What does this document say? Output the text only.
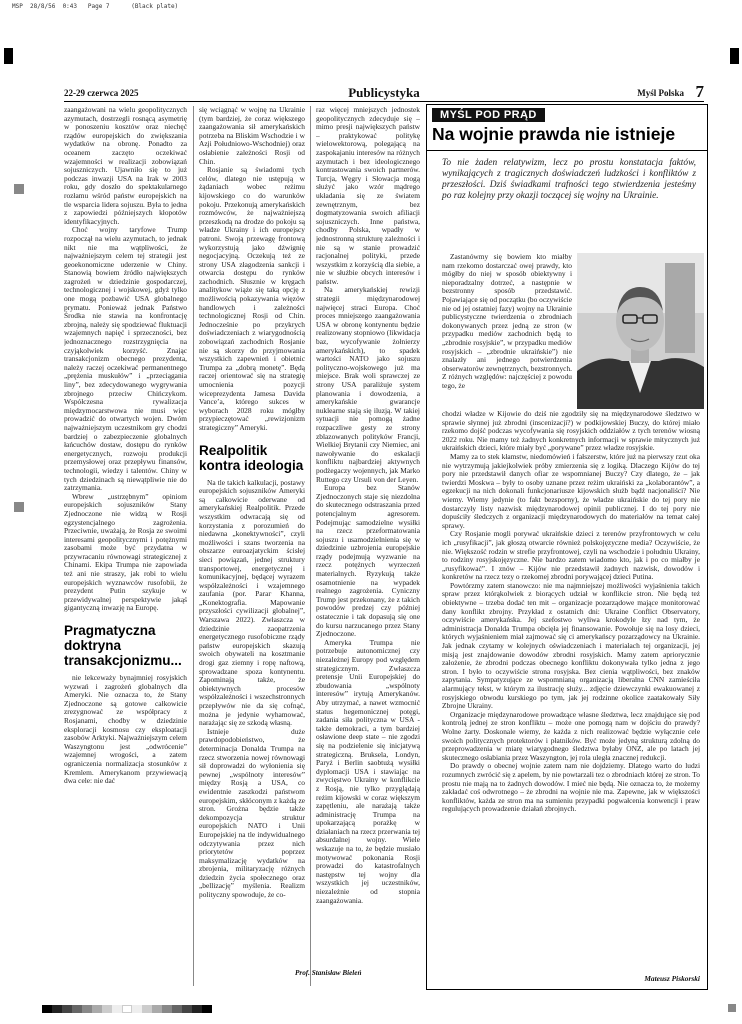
MSP  28/8/56  0:43   Page 7      (Black plate)
22-29 czerwca 2025	Publicystyka	Myśl Polska 7

zaangażowani na wielu geopolitycznych azymutach, dostrzegli rosnącą asymetrię w ponoszeniu kosztów oraz niechęć rządów europejskich do zwiększania wydatków na obronę. Ponadto za oceanem zaczęto oczekiwać wzajemności w realizacji zobowiązań sojuszniczych. Ujawniło się to już podczas inwazji USA na Irak w 2003 roku, gdy doszło do spektakularnego rozłamu wśród państw europejskich na tle wsparcia lidera sojuszu. Była to jedna z zapowiedzi późniejszych kłopotów identyfikacyjnych.

Choć wojny taryfowe Trump rozpoczął na wielu azymutach, to jednak nikt nie ma wątpliwości, że najważniejszym celem tej strategii jest geoekonomiczne uderzenie w Chiny. Stanowią bowiem źródło największych zagrożeń w dziedzinie gospodarczej, technologicznej i wojskowej, gdyż tylko one mogą pozbawić USA globalnego prymatu. Ponieważ jednak Państwo Środka nie stawia na konfrontację zbrojną, należy się spodziewać fluktuacji wzajemnych napięć i sprzeczności, bez jednoznacznego rozstrzygnięcia na czyjąkolwiek korzyść. Znając transakcjonizm obecnego prezydenta, należy raczej oczekiwać permanentnego „prężenia muskułów” i „przeciągania liny”, bez zdecydowanego wygrywania zbrojnego przeciw Chińczykom. Współczesna rywalizacja międzymocarstwowa nie musi więc prowadzić do otwartych wojen. Dwóm najważniejszym uczestnikom gry chodzi bardziej o zabezpieczenie globalnych łańcuchów dostaw, dostępu do rynków energetycznych, rozwoju produkcji przemysłowej oraz przepływu finansów, technologii, wiedzy i talentów. Chiny w tych dziedzinach są niewątpliwie nie do zatrzymania.

Wbrew „ustrzębnym” opiniom europejskich sojuszników Stany Zjednoczone nie widzą w Rosji egzystencjalnego zagrożenia. Przeciwnie, uważają, że Rosja ze swoimi interesami geopolitycznymi i potężnymi zasobami może być przydatna w przywracaniu równowagi strategicznej z Chinami. Ekipa Trumpa nie zapowiada też ani nie straszy, jak robi to wielu europejskich wyznawców rusofobii, że prezydent Putin szykuje w przewidywalnej perspektywie jakąś gigantyczną inwazję na Europę.

Pragmatyczna doktryna transakcjonizmu...

nie lekceważy bynajmniej rosyjskich wyzwań i zagrożeń globalnych dla Ameryki. Nie oznacza to, że Stany Zjednoczone są gotowe całkowicie zrezygnować ze współpracy z Rosjanami, chodby w dziedzinie eksploracji kosmosu czy eksploatacji zasobów Arktyki. Najważniejszym celem Waszyngtonu jest „odwrócenie” wzajemnej wrogości, a zatem ograniczenia normalizacja stosunków z Kremlem. Amerykanom przywiewacją dwa cele: nie dać

się wciągnąć w wojnę na Ukrainie (tym bardziej, że coraz większego zaangażowania sił amerykańskich potrzeba na Bliskim Wschodzie i w Azji Południowo-Wschodniej) oraz osłabienie zależności Rosji od Chin.

Rosjanie są świadomi tych celów, dlatego nie ustępują w żądaniach wobec reżimu kijowskiego co do warunków pokoju. Przekonują amerykańskich rozmówców, że najważniejszą przeszkodą na drodze do pokoju są władze Ukrainy i ich europejscy patroni. Swoją przewagę frontową wykorzystują jako dźwignię negocjacyjną. Oczekują też ze strony USA złagodzenia sankcji i otwarcia dostępu do rynków zachodnich. Słusznie w kręgach analitykow wiąże się taką opcję z możliwością pokazywania więzów handlowych i zależności technologicznej Rosji od Chin. Jednocześnie po przykrych doświadczeniach z wiarygodnością zobowiązań zachodnich Rosjanie nie są skorzy do przyjmowania wszystkich zapewnień i obietnic Trumpa za „dobrą monetę”. Będą raczej orientować się na strategię umocnienia pozycji wiceprezydenta Jamesa Davida Vance’a, którego sukces w wyborach 2028 roku mógłby przypieczętować „rewizjonizm strategiczny” Ameryki.

Realpolitik kontra ideologia

Na tle takich kalkulacji, postawy europejskich sojuszników Ameryki są całkowicie oderwane od amerykańskiej Realpolitik. Przede wszystkim odwracają się od korzystania z porozumień do niedawna „konektywności”, czyli możliwości i szans tworzenia na obszarze euroazjatyckim ścisłej sieci powiązań, jednej struktury transportowej, energetycznej i komunikacyjnej, będącej wyrazem współzależności i wzajemnego zaufania (por. Paraг Khanna, „Konektografia. Mapowanie przyszłości cywilizacji globalnej”, Warszawa 2022). Zwłaszcza w dziedzinie zaopatrzenia energetycznego rusofobiczne rządy państw europejskich skazują swoich obywateli na kosztmanie drogi gaz ziemny i ropę naftową, sprowadzane spoza kontynentu. Zapominają także, że obiektywnych procesów współzależności i wszechstronnych przepływów nie da się cofnąć, można je jedynie wyhamować, narażając się ze szkodą własną.

Istnieje duże prawdopodobieństwo, że determinacja Donalda Trumpa na rzecz stworzenia nowej równowagi sił doprowadzi do wyłonienia się pewnej „wspólnoty interesów” między Rosją a USA, co ewidentnie zaszkodzi państwom europejskim, skłóconym z każdą ze stron. Grożna będzie także dekompozycja struktur europejskich NATO i Unii Europejskiej na tle indywidualnego odczytywania przez nich priorytetów poprzez maksymalizację wydatków na zbrojenia, militaryzację różnych dziedzin życia społecznego oraz „bellizację” myślenia. Realizm polityczny spowoduje, że co-

raz więcej mniejszych jednostek geopolitycznych zdecyduje się – mimo presji największych państw – praktykować politykę wielowektorową, polegającą na zaspokajaniu interesów na różnych azymutach i bez ideologicznego kontrastowania swoich partnerów. Turcja, Węgry i Słowacja mogą służyć jako wzór mądrego układania się ze światem zewnętrznym, bez dogmatyzowania swoich afiliacji sojuszniczych. Inne państwa, chodby Polska, wpadły w jednostronną strukturę zależności i nie są w stanie prowadzić racjonalnej polityki, przede wszystkim z korzyścią dla siebie, a nie w służbie obcych interesów i państw.

Na amerykańskiej rewizji strategii międzynarodowej najwięcej straci Europa. Choć proces mniejszego zaangażowania USA w obronę kontynentu będzie realizowany stopniowo (likwidacja baz, wycofywanie żołnierzy amerykańskich), to spadek wartości NATO jako sojuszu polityczno-wojskowego już ma miejsce. Brak woli sprawczej ze strony USA paraliżuje system planowania i dowodzenia, a amerykańskie gwarancje nuklearne stają się iluzją. W takiej sytuacji nie pomogą żadne rozpaczliwe gesty ze strony zblazowanych polityków Francji, Wielkiej Brytanii czy Niemiec, ani nawoływanie do eskalacji konfliktu najbardziej aktywnych podżegaczy wojennych, jak Marko Ruttego czy Ursuli von der Leyen.

Europa bez Stanów Zjednoczonych staje się niezdolna do skutecznego odstraszania przed potencjalnym agresorem. Podejmując samodzielne wysiłki na rzecz przeformatowania sojuszu i usamodzielnienia się w dziedzinie uzbrojenia europejskie rządy podejmują wyzwanie na rzecz potężnych wyrzeczeń materialnych. Ryzykują także osamotnienie na wypadek realnego zagrożenia. Cyniczny Trump jest przekonany, że z takich powodów predzej czy później ostatecznie i tak dopasują się one do kursu narzucanego przez Stany Zjednoczone.

Ameryka Trumpa nie potrzebuje autonomicznej czy niezależnej Europy pod względem strategicznym. Zwłaszcza pretensje Unii Europejskiej do zbudowania „wspólnoty interesów” irytują Amerykanów. Aby utrzymać, a nawet wzmocnić status hegemonicznej potęgi, zadania siła polityczna w USA - także demokraci, a tym bardziej osławione deep state – nie zgodzi się na podzielenie się inicjatywą strategiczną. Bruksela, Londyn, Paryż i Berlin saobtużą wysiłki dyplomacji USA i stawiając na zwycięstwo Ukrainy w konflikcie z Rosją, nie tylko przyglądają reżim kijowski w coraz większym zapętleniu, ale narażają także administrację Trumpa na upokarzającą porażkę w działaniach na rzecz przerwania tej absurdalnej wojny. Wiele wskazuje na to, że będzie musiało motywować pokonania Rosji prowadzi do katastrofalnych następstw tej wojny dla wszystkich jej uczestników, niezależnie od stopnia zaangażowania.

Prof. Stanisław Bieleń
MYŚL POD PRĄD
Na wojnie prawda nie istnieje
To nie żaden relatywizm, lecz po prostu konstatacja faktów, wynikających z tragicznych doświadczeń ludzkości i konfliktów z przeszłości. Dziś świadkami trafności tego stwierdzenia jesteśmy po raz kolejny przy okazji toczącej się wojny na Ukrainie.

Zastanówmy się bowiem kto miałby nam rzekomo dostarczać owej prawdy, kto mógłby do niej w sposób obiektywny i nieporadzalny dotrzeć, a następnie w bezstronny sposób przedstawić. Pojawiające się od początku (bo oczywiście nie od jej ostatniej fazy) wojny na Ukrainie publicystyczne twierdzenia o zbrodniach dokonywanych przez jedną ze stron (w przypadku mediów zachodnich będą to „zbrodnie rosyjskie”, w przypadku mediów rosyjskich – „zbrodnie ukraińskie”) nie znalazły ani jednego potwierdzenia obserwatorów zewnętrznych, bezstronnych. Z różnych względów: najczęściej z powodu tego, że

chodzi władze w Kijowie do dziś nie zgodziły się na międzynarodowe śledztwo w sprawie słynnej już zbrodni (inscenizacji?) w podkijowskiej Buczy, do której miało rzekomo dojść podczas wycofywania się rosyjskich oddziałów z tych terenów wiosną 2022 roku. Nie mamy też żadnych konkretnych informacji w sprawie mitycznych już ukraińskich dzieci, które miały być „porywane” przez władze rosyjskie.

Mamy za to stek kłamstw, niedomówień i fałszerstw, które już na pierwszy rzut oka nie wytrzymują jakiejkolwiek próby zmierzenia się z logiką. Dlaczego Kijów do tej pory nie przedstawił danych ofiar ze wspomnianej Buczy? Czy dlatego, że – jak twierdzi Moskwa – były to osoby uznane przez reżim ukraiński za „kolaborantów”, a egzekucji na nich dokonali funkcjonariusze kijowskich służb bądź nacjonaliści? Nie wiemy. Wiemy jedynie (to fakt bezsporny), że władze ukraińskie do tej pory nie dostarczyły listy nazwisk międzynarodowej opinii publicznej. I do tej pory nie dopuściły śledczych z organizacji międzynarodowych do materiałów na temat całej sprawy.

Czy Rosjanie mogli porywać ukraińskie dzieci z terenów przyfrontowych w celu ich „rusyfikacji”, jak głoszą otwarcie również polskojęzyczne media? Oczywiście, że nie. Większość rodzin w strefie przyfrontowej, czyli na wschodzie i południu Ukrainy, to rodziny rosyjskojęzyczne. Nie bardzo zatem wiadomo kto, jak i po co miałby je „rusyfikować”. I znów – Kijów nie przedstawił żadnych nazwisk, dowodów i konkretów na rzecz tezy o rzekomej zbrodni porywającej dzieci Putina.

Powtórzmy zatem stanowczo: nie ma najmniejszej możliwości wyjaśnienia takich spraw przez którąkolwiek z biorących udział w konflikcie stron. Nie będą też obiektywne – trzeba dodać ten mit – organizacje pozarządowe mające monitorować dany konflikt zbrojny. Przykład z ostatnich dni: Ukraine Conflict Observatory, oczywiście amerykańska. Jej szefostwo wyliwa krokodyle łzy nad tym, że administracja Donalda Trumpa obcięła jej finansowanie. Powołuje się na losy dzieci, których wyjaśnieniem miał zajmować się ci amerykańscy pozarządowcy na Ukrainie. Jak jednak czytamy w kolejnych oświadczeniach i materiałach tej organizacji, jej misją jest znajdowanie dowodów zbrodni rosyjskich. Mamy zatem apriorycznie założenie, że zbrodni podczas obecnego konfliktu dokonywała tylko jedna z jego stron. I było to oczywiście strona rosyjska. Bez cienia wątpliwości, bez znaków zapytania. Sympatyzujące ze wspomnianą organizacją liberalna CNN zamieściła alarmujący tekst, w którym za ilustrację służy... zdjęcie dziewczynki ewakuowanej z rosyjskiego obwodu kurskiego po tym, jak jej rodzinne okolice zaatakowały Siły Zbrojne Ukrainy.

Organizacje międzynarodowe prowadzące własne śledztwa, lecz znajdujące się pod kontrolą jednej ze stron konfliktu – może one pomogą nam w dojściu do prawdy? Wolne żarty. Doskonale wiemy, że każda z nich realizować będzie wyłącznie cele swoich politycznych protektorów i płatników. Być może jedyną strukturą zdolną do przeprowadzenia w miarę wiarygodnego śledztwa byłaby ONZ, ale po latach jej skutecznego osłabiania przez Waszyngton, jej rola uległa znacznej redukcji.

Do prawdy o obecnej wojnie zatem nam nie dojdziemy. Dlatego warto do ludzi rozumnych zwrócić się z apelem, by nie powtarzali tez o zbrodniach której ze stron. To prostu nie mają na to żadnych dowodów. I mieć nie będą. Nie oznacza to, że możemy zakładać coś odwrotnego – że zbrodni na wojnie nie ma. Zapewne, jak w większości konfliktów, każda ze stron ma na sumieniu przypadki pogwałcenia konwencji i praw regulujących prowadzenie działań zbrojnych.

Mateusz Piskorski
